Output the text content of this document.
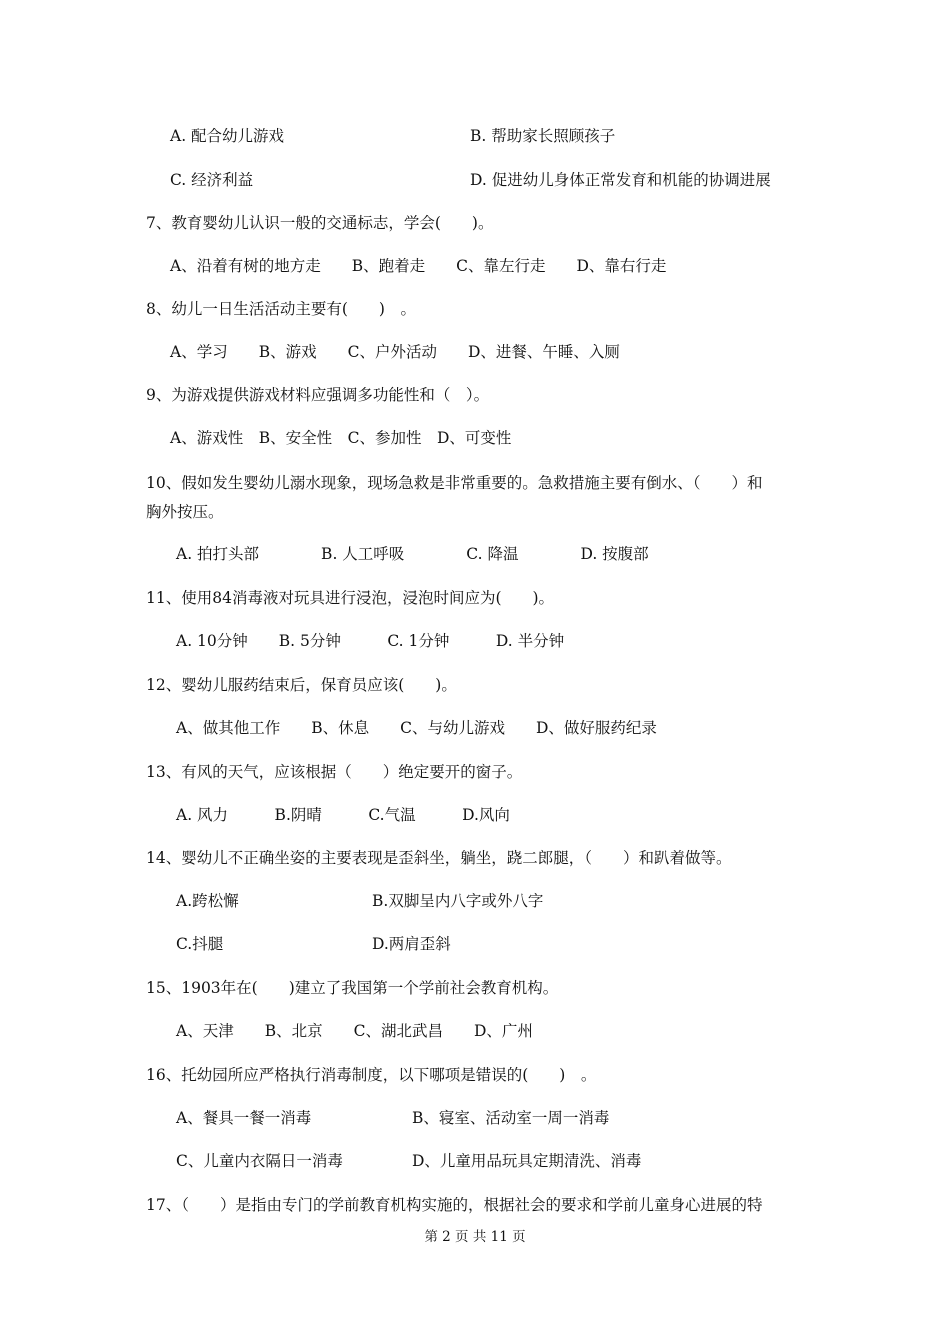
A. 配合幼儿游戏	B. 帮助家长照顾孩子
C. 经济利益	D. 促进幼儿身体正常发育和机能的协调进展
7、教育婴幼儿认识一般的交通标志，学会(　　)。
A、沿着有树的地方走　　B、跑着走　　C、靠左行走　　D、靠右行走
8、幼儿一日生活活动主要有(　　)　。
A、学习　　B、游戏　　C、户外活动　　D、进餐、午睡、入厕
9、为游戏提供游戏材料应强调多功能性和（　）。
A、游戏性　B、安全性　C、参加性　D、可变性
10、假如发生婴幼儿溺水现象，现场急救是非常重要的。急救措施主要有倒水、（　　）和
胸外按压。
A. 拍打头部　　　　B. 人工呼吸　　　　C. 降温　　　　D. 按腹部
11、使用84消毒液对玩具进行浸泡，浸泡时间应为(　　)。
A. 10分钟　　B. 5分钟　　　C. 1分钟　　　D. 半分钟
12、婴幼儿服药结束后，保育员应该(　　)。
A、做其他工作　　B、休息　　C、与幼儿游戏　　D、做好服药纪录
13、有风的天气，应该根据（　　）绝定要开的窗子。
A. 风力　　　B.阴晴　　　C.气温　　　D.风向
14、婴幼儿不正确坐姿的主要表现是歪斜坐，躺坐，跷二郎腿，（　　）和趴着做等。
A.跨松懈	B.双脚呈内八字或外八字
C.抖腿	D.两肩歪斜
15、1903年在(　　)建立了我国第一个学前社会教育机构。
A、天津　　B、北京　　C、湖北武昌　　D、广州
16、托幼园所应严格执行消毒制度，以下哪项是错误的(　　)　。
A、餐具一餐一消毒	B、寝室、活动室一周一消毒
C、儿童内衣隔日一消毒	D、儿童用品玩具定期清洗、消毒
17、（　　）是指由专门的学前教育机构实施的，根据社会的要求和学前儿童身心进展的特
第 2 页 共 11 页
